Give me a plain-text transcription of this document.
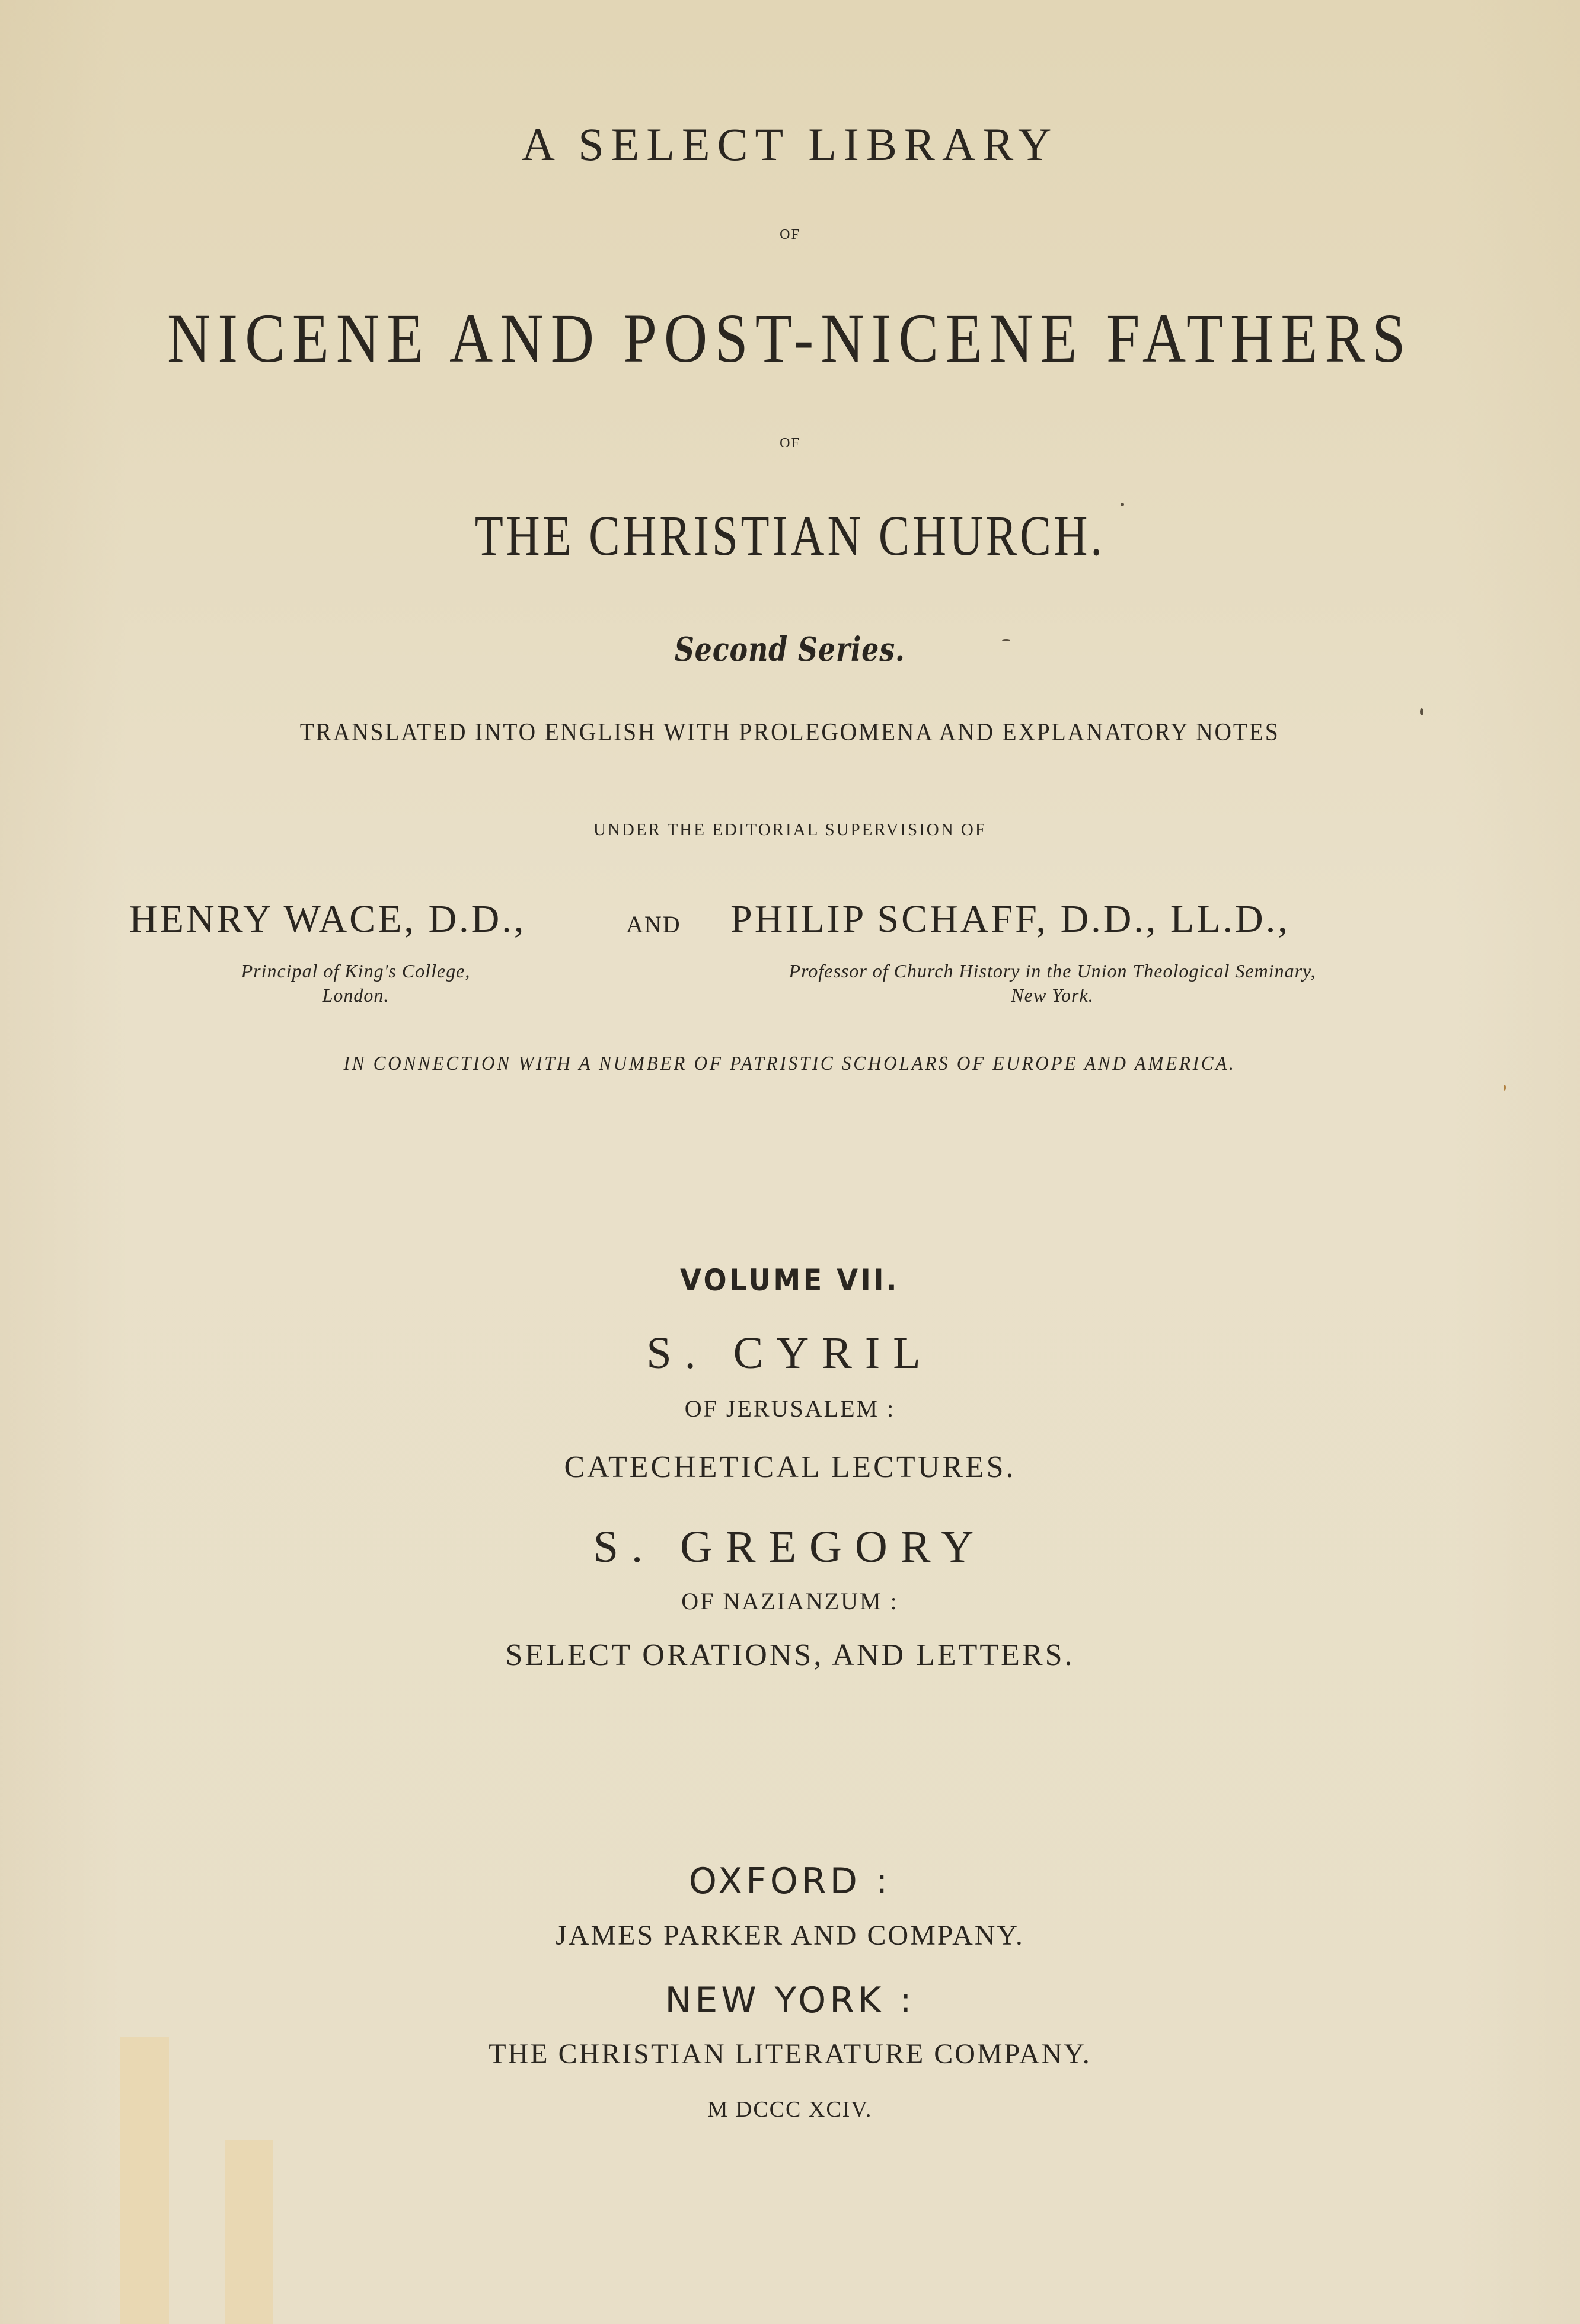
A SELECT LIBRARY
OF
NICENE AND POST-NICENE FATHERS
OF
THE CHRISTIAN CHURCH.
Second Series.
TRANSLATED INTO ENGLISH WITH PROLEGOMENA AND EXPLANATORY NOTES
UNDER THE EDITORIAL SUPERVISION OF
HENRY WACE, D.D.,	AND PHILIP SCHAFF, D.D., LL.D.,
Principal of King's College,
London.
Professor of Church History in the Union Theological Seminary,
New York.
IN CONNECTION WITH A NUMBER OF PATRISTIC SCHOLARS OF EUROPE AND AMERICA.
VOLUME VII.
S. CYRIL
OF JERUSALEM :
CATECHETICAL LECTURES.
S. GREGORY
OF NAZIANZUM :
SELECT ORATIONS, AND LETTERS.
OXFORD :
JAMES PARKER AND COMPANY.
NEW YORK :
THE CHRISTIAN LITERATURE COMPANY.
M DCCC XCIV.
